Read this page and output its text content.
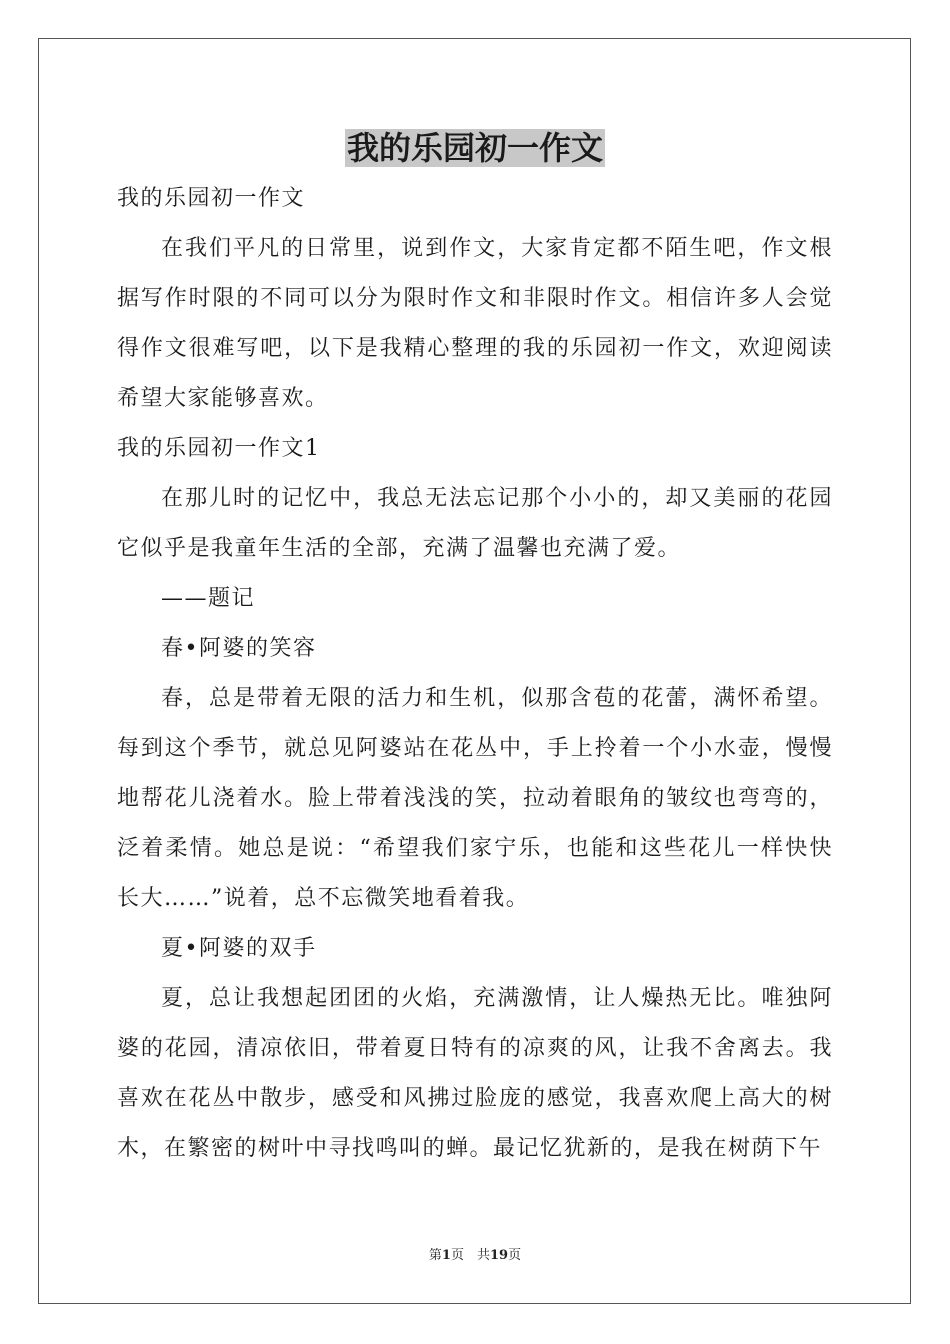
我的乐园初一作文

我的乐园初一作文

在我们平凡的日常里，说到作文，大家肯定都不陌生吧，作文根据写作时限的不同可以分为限时作文和非限时作文。相信许多人会觉得作文很难写吧，以下是我精心整理的我的乐园初一作文，欢迎阅读希望大家能够喜欢。

我的乐园初一作文1

在那儿时的记忆中，我总无法忘记那个小小的，却又美丽的花园它似乎是我童年生活的全部，充满了温馨也充满了爱。

——题记

春•阿婆的笑容

春，总是带着无限的活力和生机，似那含苞的花蕾，满怀希望。每到这个季节，就总见阿婆站在花丛中，手上拎着一个小水壶，慢慢地帮花儿浇着水。脸上带着浅浅的笑，拉动着眼角的皱纹也弯弯的，泛着柔情。她总是说：“希望我们家宁乐，也能和这些花儿一样快快长大……”说着，总不忘微笑地看着我。

夏•阿婆的双手

夏，总让我想起团团的火焰，充满激情，让人燥热无比。唯独阿婆的花园，清凉依旧，带着夏日特有的凉爽的风，让我不舍离去。我喜欢在花丛中散步，感受和风拂过脸庞的感觉，我喜欢爬上高大的树木，在繁密的树叶中寻找鸣叫的蝉。最记忆犹新的，是我在树荫下午

第1页　共19页
